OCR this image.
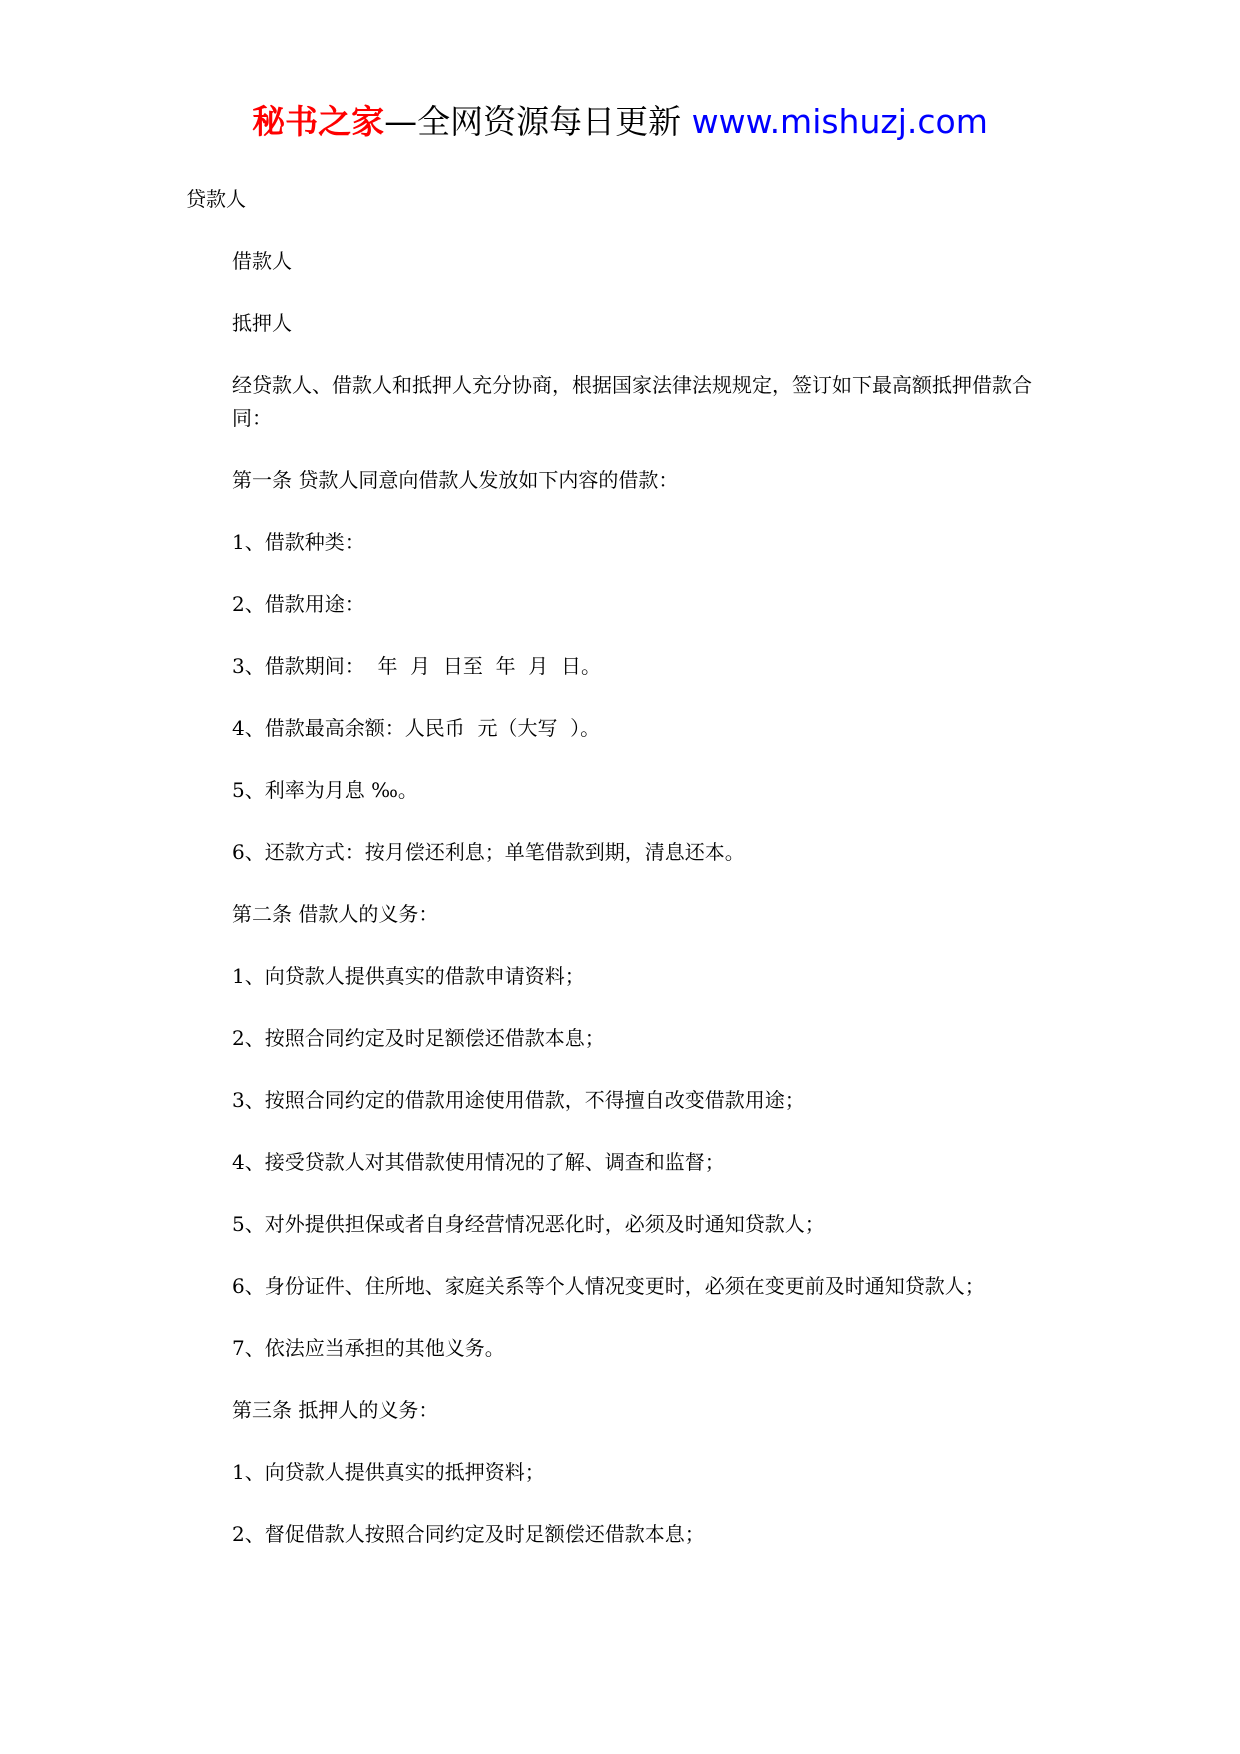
秘书之家—全网资源每日更新 www.mishuzj.com

贷款人

借款人

抵押人

经贷款人、借款人和抵押人充分协商，根据国家法律法规规定，签订如下最高额抵押借款合同：

第一条 贷款人同意向借款人发放如下内容的借款：

1、借款种类：

2、借款用途：

3、借款期间：  年  月  日至  年  月  日。

4、借款最高余额：人民币  元（大写  ）。

5、利率为月息 ‰。

6、还款方式：按月偿还利息；单笔借款到期，清息还本。

第二条 借款人的义务：

1、向贷款人提供真实的借款申请资料；

2、按照合同约定及时足额偿还借款本息；

3、按照合同约定的借款用途使用借款，不得擅自改变借款用途；

4、接受贷款人对其借款使用情况的了解、调查和监督；

5、对外提供担保或者自身经营情况恶化时，必须及时通知贷款人；

6、身份证件、住所地、家庭关系等个人情况变更时，必须在变更前及时通知贷款人；

7、依法应当承担的其他义务。

第三条 抵押人的义务：

1、向贷款人提供真实的抵押资料；

2、督促借款人按照合同约定及时足额偿还借款本息；
